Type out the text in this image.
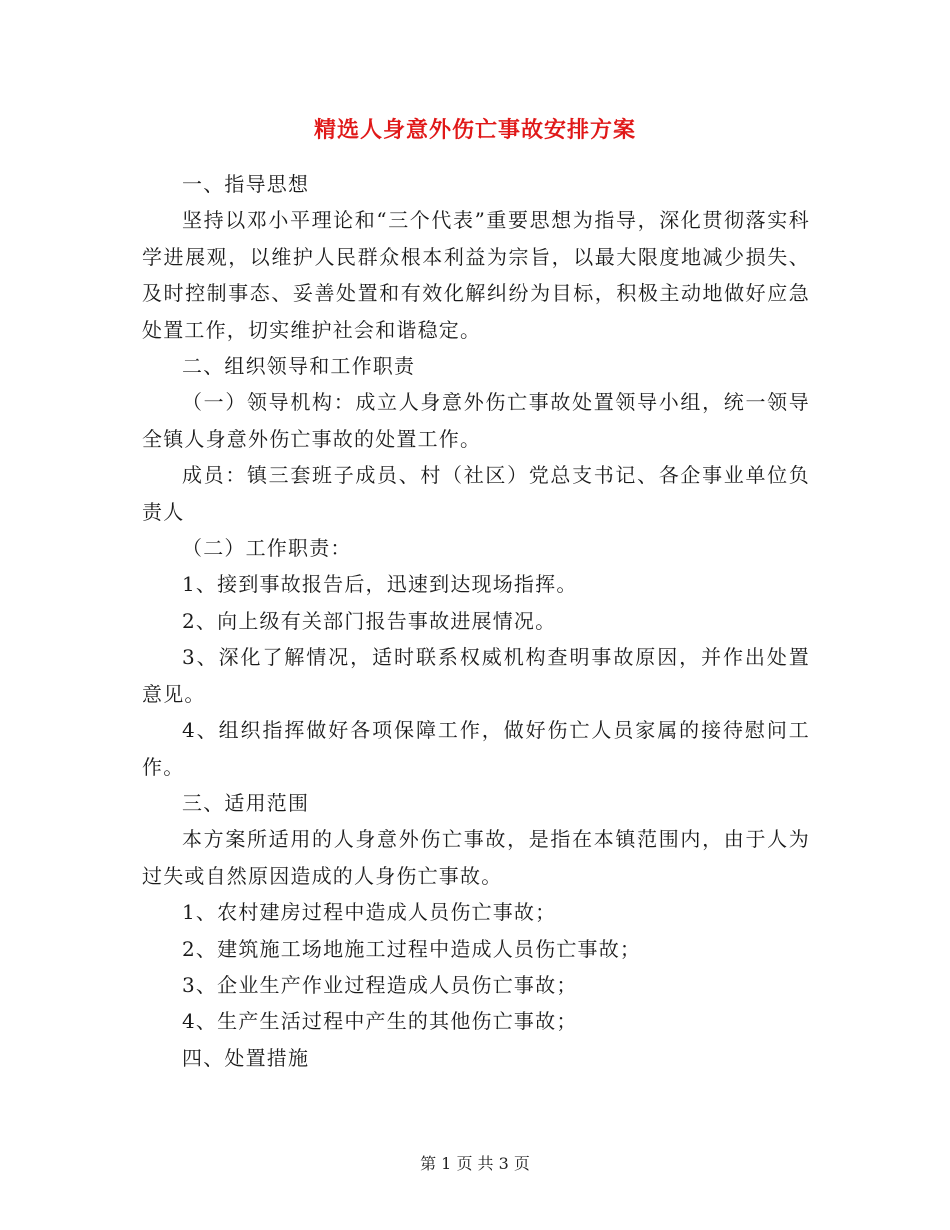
精选人身意外伤亡事故安排方案

一、指导思想

坚持以邓小平理论和“三个代表”重要思想为指导，深化贯彻落实科学进展观，以维护人民群众根本利益为宗旨，以最大限度地减少损失、及时控制事态、妥善处置和有效化解纠纷为目标，积极主动地做好应急处置工作，切实维护社会和谐稳定。

二、组织领导和工作职责

（一）领导机构：成立人身意外伤亡事故处置领导小组，统一领导全镇人身意外伤亡事故的处置工作。

成员：镇三套班子成员、村（社区）党总支书记、各企事业单位负责人

（二）工作职责：

1、接到事故报告后，迅速到达现场指挥。

2、向上级有关部门报告事故进展情况。

3、深化了解情况，适时联系权威机构查明事故原因，并作出处置意见。

4、组织指挥做好各项保障工作，做好伤亡人员家属的接待慰问工作。

三、适用范围

本方案所适用的人身意外伤亡事故，是指在本镇范围内，由于人为过失或自然原因造成的人身伤亡事故。

1、农村建房过程中造成人员伤亡事故；

2、建筑施工场地施工过程中造成人员伤亡事故；

3、企业生产作业过程造成人员伤亡事故；

4、生产生活过程中产生的其他伤亡事故；

四、处置措施

第 1 页 共 3 页
